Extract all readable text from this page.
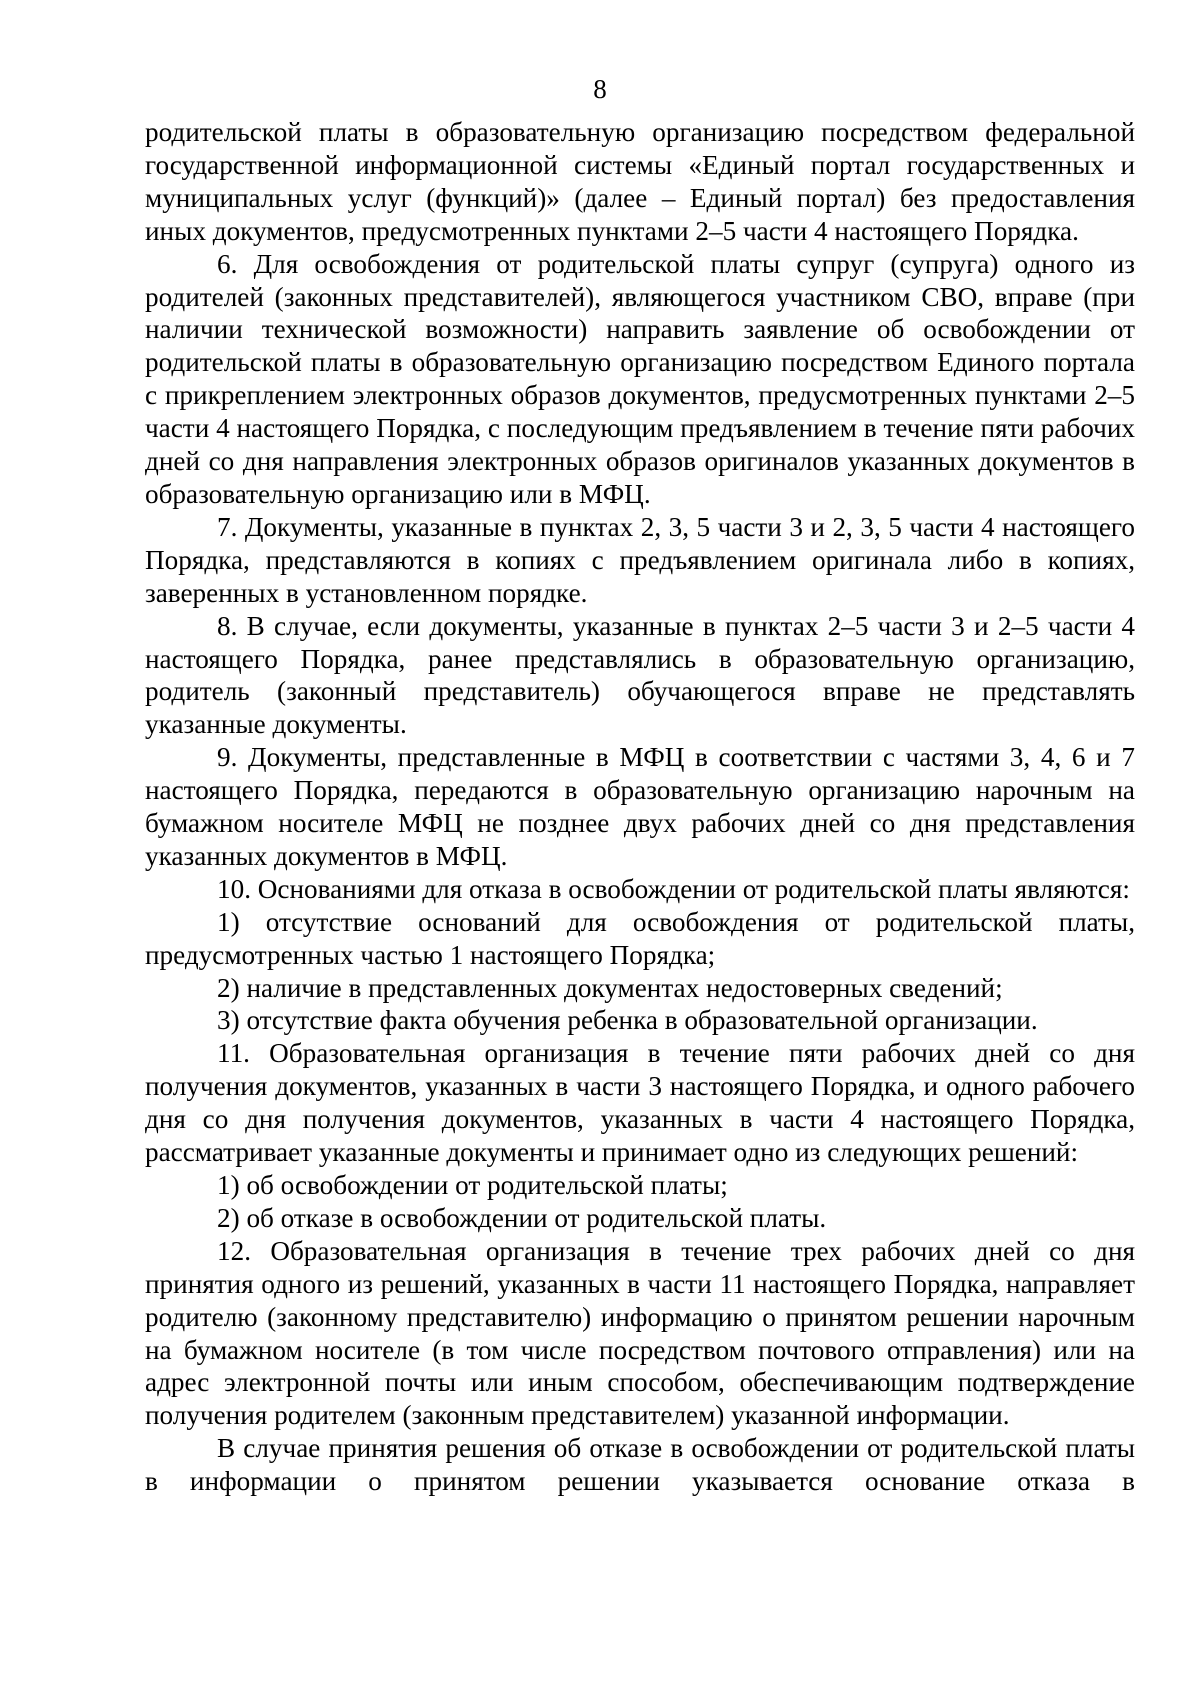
8

родительской платы в образовательную организацию посредством федеральной государственной информационной системы «Единый портал государственных и муниципальных услуг (функций)» (далее – Единый портал) без предоставления иных документов, предусмотренных пунктами 2–5 части 4 настоящего Порядка.

6. Для освобождения от родительской платы супруг (супруга) одного из родителей (законных представителей), являющегося участником СВО, вправе (при наличии технической возможности) направить заявление об освобождении от родительской платы в образовательную организацию посредством Единого портала с прикреплением электронных образов документов, предусмотренных пунктами 2–5 части 4 настоящего Порядка, с последующим предъявлением в течение пяти рабочих дней со дня направления электронных образов оригиналов указанных документов в образовательную организацию или в МФЦ.

7. Документы, указанные в пунктах 2, 3, 5 части 3 и 2, 3, 5 части 4 настоящего Порядка, представляются в копиях с предъявлением оригинала либо в копиях, заверенных в установленном порядке.

8. В случае, если документы, указанные в пунктах 2–5 части 3 и 2–5 части 4 настоящего Порядка, ранее представлялись в образовательную организацию, родитель (законный представитель) обучающегося вправе не представлять указанные документы.

9. Документы, представленные в МФЦ в соответствии с частями 3, 4, 6 и 7 настоящего Порядка, передаются в образовательную организацию нарочным на бумажном носителе МФЦ не позднее двух рабочих дней со дня представления указанных документов в МФЦ.

10. Основаниями для отказа в освобождении от родительской платы являются:

1) отсутствие оснований для освобождения от родительской платы, предусмотренных частью 1 настоящего Порядка;

2) наличие в представленных документах недостоверных сведений;

3) отсутствие факта обучения ребенка в образовательной организации.

11. Образовательная организация в течение пяти рабочих дней со дня получения документов, указанных в части 3 настоящего Порядка, и одного рабочего дня со дня получения документов, указанных в части 4 настоящего Порядка, рассматривает указанные документы и принимает одно из следующих решений:

1) об освобождении от родительской платы;

2) об отказе в освобождении от родительской платы.

12. Образовательная организация в течение трех рабочих дней со дня принятия одного из решений, указанных в части 11 настоящего Порядка, направляет родителю (законному представителю) информацию о принятом решении нарочным на бумажном носителе (в том числе посредством почтового отправления) или на адрес электронной почты или иным способом, обеспечивающим подтверждение получения родителем (законным представителем) указанной информации.

В случае принятия решения об отказе в освобождении от родительской платы в информации о принятом решении указывается основание отказа в
